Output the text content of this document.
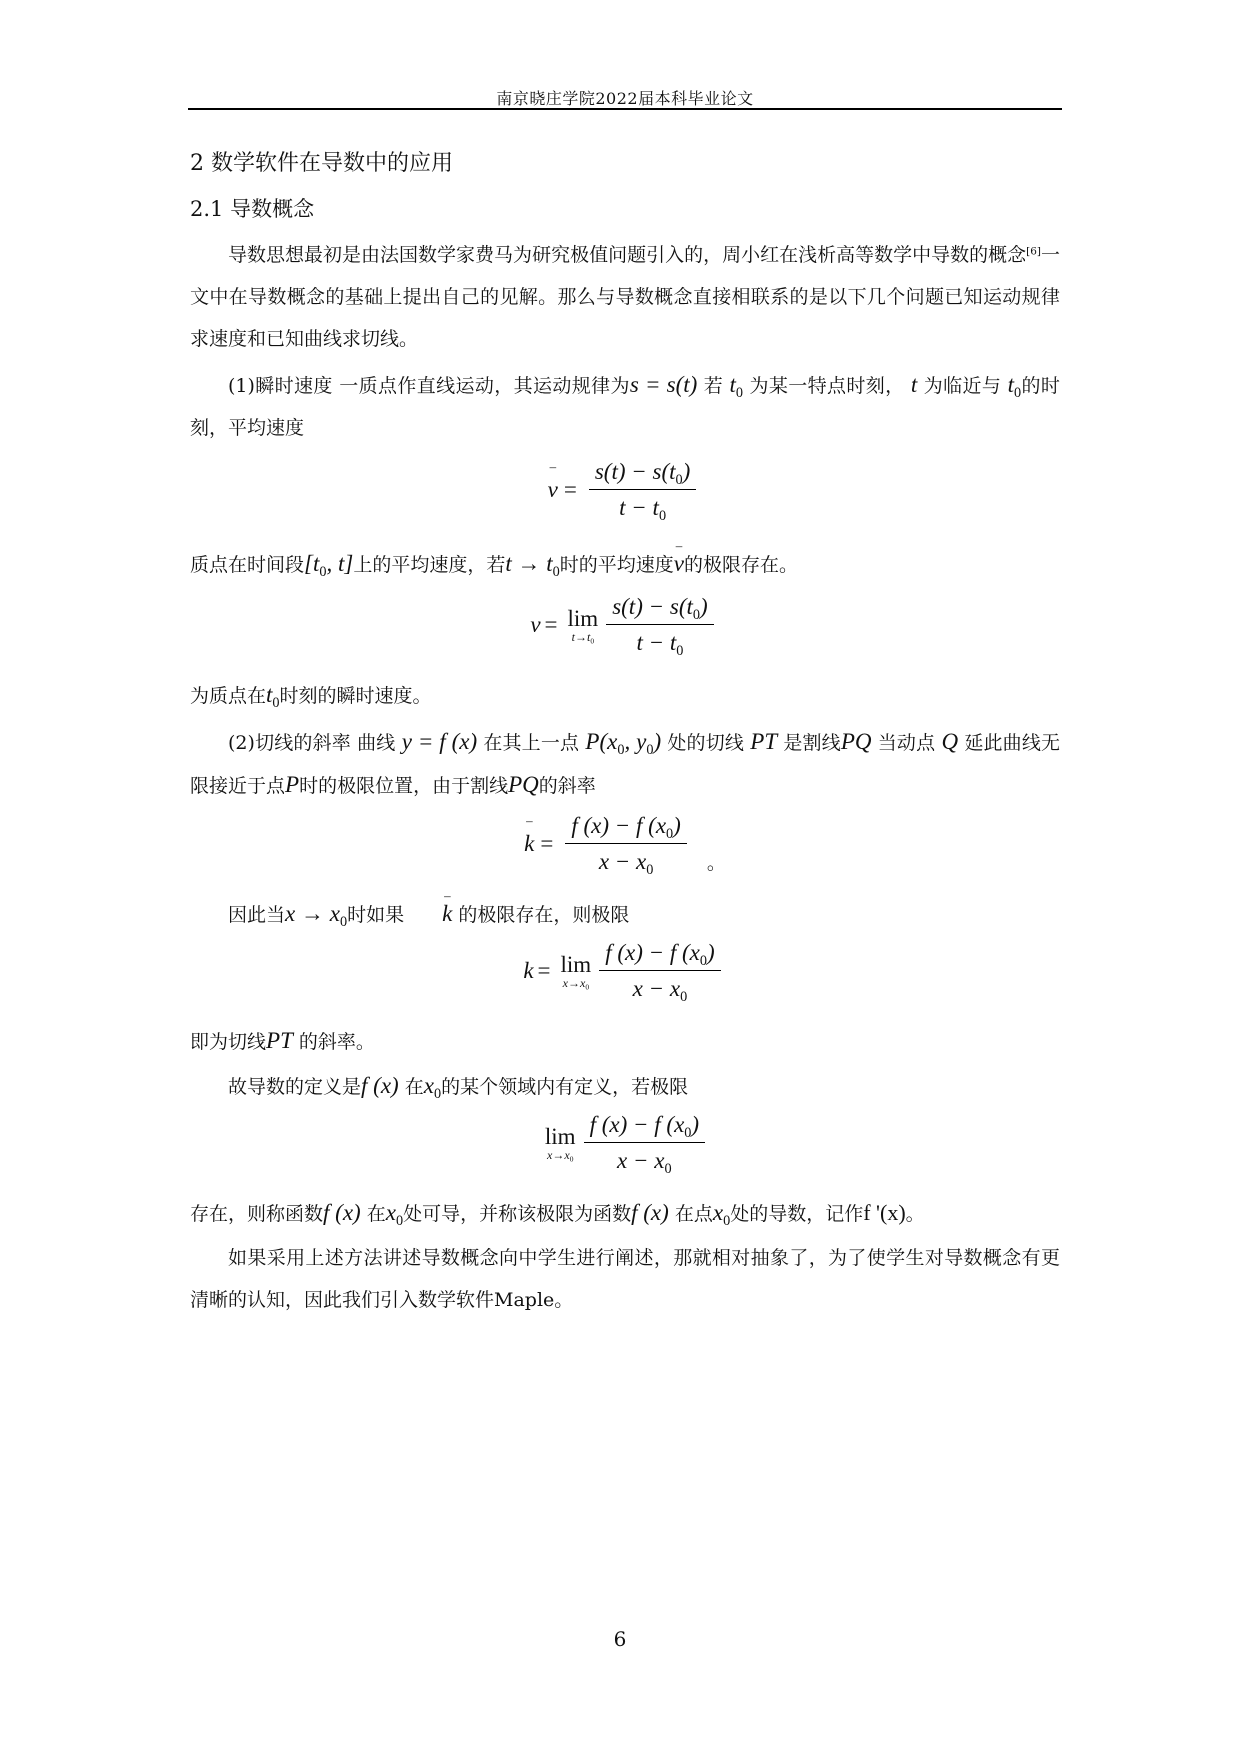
南京晓庄学院2022届本科毕业论文
2 数学软件在导数中的应用
2.1 导数概念

导数思想最初是由法国数学家费马为研究极值问题引入的，周小红在浅析高等数学中导数的概念[6]一文中在导数概念的基础上提出自己的见解。那么与导数概念直接相联系的是以下几个问题已知运动规律求速度和已知曲线求切线。

(1)瞬时速度 一质点作直线运动，其运动规律为s = s(t) 若 $t_0$ 为某一特点时刻， t 为临近与 $t_0$的时刻，平均速度

– $v = \frac{s(t) - s(t_0)}{t - t_0}$

质点在时间段[$t_0$, t]上的平均速度，若$t \to t_0$时的平均速度– v的极限存在。

v = lim
$t\to t_0 \frac{s(t) - s(t_0)}{t - t_0}$

为质点在$t_0$时刻的瞬时速度。

(2)切线的斜率 曲线 y = f (x) 在其上一点 $P(x_0$, $y_0$) 处的切线 PT 是割线PQ 当动点 Q 延此曲线无限接近于点P时的极限位置，由于割线PQ的斜率

– $k = \frac{f (x) - f (x_0)}{x - x_0}$ 。

因此当$x \to x_0$时如果– k 的极限存在，则极限

k = lim
$x\to x_0 \frac{f (x) - f (x_0)}{x - x_0}$

即为切线PT 的斜率。

故导数的定义是f (x) 在$x_0$的某个领域内有定义，若极限

lim
$x\to x_0 \frac{f (x) - f (x_0)}{x - x_0}$

存在，则称函数f (x) 在$x_0$处可导，并称该极限为函数f (x) 在点$x_0$处的导数，记作f '(x)。

如果采用上述方法讲述导数概念向中学生进行阐述，那就相对抽象了，为了使学生对导数概念有更清晰的认知，因此我们引入数学软件Maple。

6
